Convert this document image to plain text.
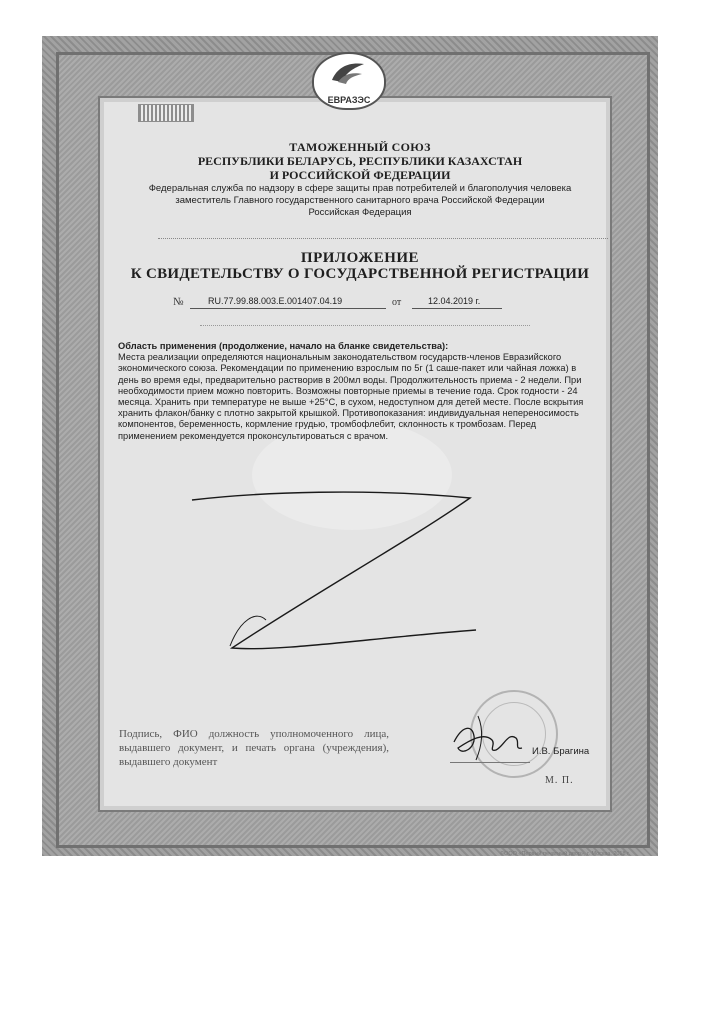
ЕВРАЗЭС

ТАМОЖЕННЫЙ СОЮЗ

РЕСПУБЛИКИ БЕЛАРУСЬ, РЕСПУБЛИКИ КАЗАХСТАН

И РОССИЙСКОЙ ФЕДЕРАЦИИ

Федеральная служба по надзору в сфере защиты прав потребителей и благополучия человека
заместитель Главного государственного санитарного врача Российской Федерации
Российская Федерация

ПРИЛОЖЕНИЕ

К СВИДЕТЕЛЬСТВУ О ГОСУДАРСТВЕННОЙ РЕГИСТРАЦИИ

№	RU.77.99.88.003.E.001407.04.19	от	12.04.2019 г.
Область применения (продолжение, начало на бланке свидетельства):
Места реализации определяются национальным законодательством государств-членов Евразийского экономического союза. Рекомендации по применению взрослым по 5г (1 саше-пакет или чайная ложка) в день во время еды, предварительно растворив в 200мл воды. Продолжительность приема - 2 недели. При необходимости прием можно повторить. Возможны повторные приемы в течение года. Срок годности - 24 месяца. Хранить при температуре не выше +25°С, в сухом, недоступном для детей месте. После вскрытия хранить флакон/банку с плотно закрытой крышкой. Противопоказания: индивидуальная непереносимость компонентов, беременность, кормление грудью, тромбофлебит, склонность к тромбозам. Перед применением рекомендуется проконсультироваться с врачом.
Подпись, ФИО должность уполномоченного лица, выдавшего документ, и печать органа (учреждения), выдавшего документ
И.В. Брагина
М. П.
©ООО «Первый печатный двор», г. Москва, 2018 г.
